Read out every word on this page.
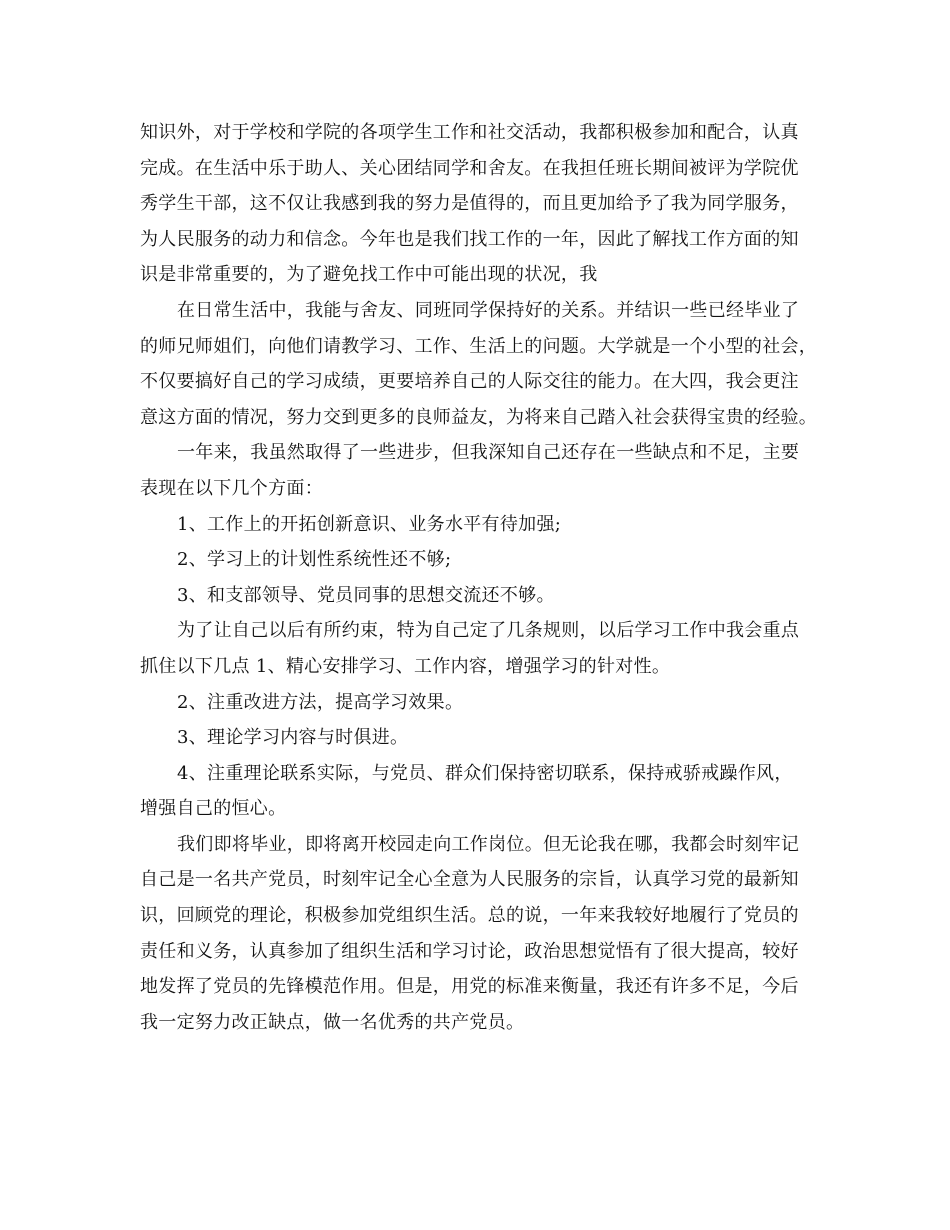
知识外，对于学校和学院的各项学生工作和社交活动，我都积极参加和配合，认真
完成。在生活中乐于助人、关心团结同学和舍友。在我担任班长期间被评为学院优
秀学生干部，这不仅让我感到我的努力是值得的，而且更加给予了我为同学服务，
为人民服务的动力和信念。今年也是我们找工作的一年，因此了解找工作方面的知
识是非常重要的，为了避免找工作中可能出现的状况，我
在日常生活中，我能与舍友、同班同学保持好的关系。并结识一些已经毕业了
的师兄师姐们，向他们请教学习、工作、生活上的问题。大学就是一个小型的社会，
不仅要搞好自己的学习成绩，更要培养自己的人际交往的能力。在大四，我会更注
意这方面的情况，努力交到更多的良师益友，为将来自己踏入社会获得宝贵的经验。
一年来，我虽然取得了一些进步，但我深知自己还存在一些缺点和不足，主要
表现在以下几个方面：
1、工作上的开拓创新意识、业务水平有待加强;
2、学习上的计划性系统性还不够;
3、和支部领导、党员同事的思想交流还不够。
为了让自己以后有所约束，特为自己定了几条规则，以后学习工作中我会重点
抓住以下几点 1、精心安排学习、工作内容，增强学习的针对性。
2、注重改进方法，提高学习效果。
3、理论学习内容与时俱进。
4、注重理论联系实际，与党员、群众们保持密切联系，保持戒骄戒躁作风，
增强自己的恒心。
我们即将毕业，即将离开校园走向工作岗位。但无论我在哪，我都会时刻牢记
自己是一名共产党员，时刻牢记全心全意为人民服务的宗旨，认真学习党的最新知
识，回顾党的理论，积极参加党组织生活。总的说，一年来我较好地履行了党员的
责任和义务，认真参加了组织生活和学习讨论，政治思想觉悟有了很大提高，较好
地发挥了党员的先锋模范作用。但是，用党的标准来衡量，我还有许多不足，今后
我一定努力改正缺点，做一名优秀的共产党员。
